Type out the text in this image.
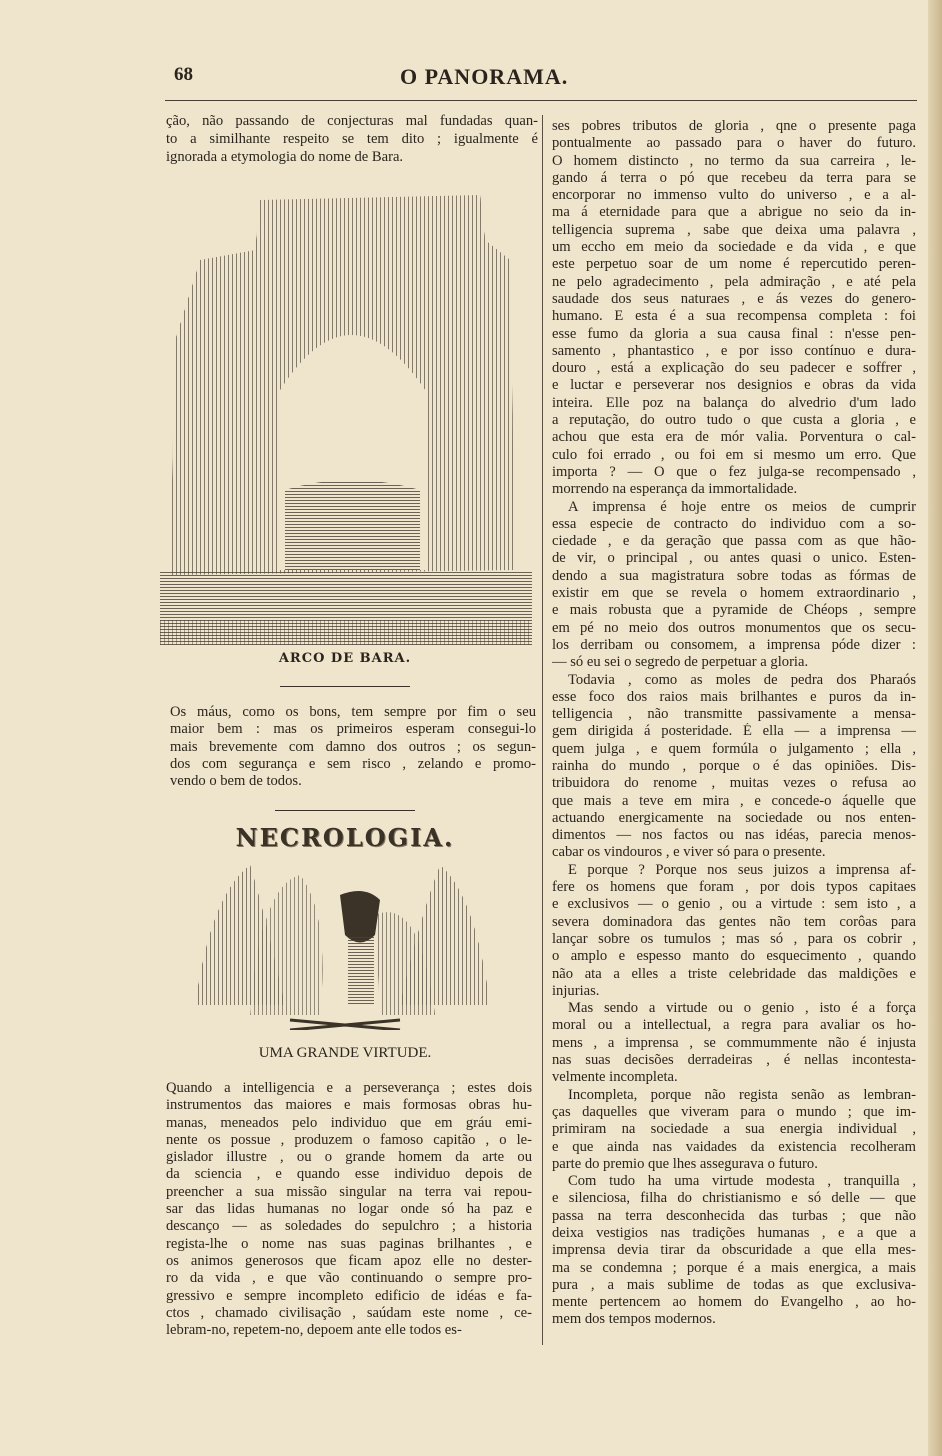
68	O PANORAMA.
ção, não passando de conjecturas mal fundadas quan-
to a similhante respeito se tem dito ; igualmente é
ignorada a etymologia do nome de Bara.
ARCO DE BARA.
Os máus, como os bons, tem sempre por fim o seu
maior bem : mas os primeiros esperam consegui-lo
mais brevemente com damno dos outros ; os segun-
dos com segurança e sem risco , zelando e promo-
vendo o bem de todos.
NECROLOGIA.
UMA GRANDE VIRTUDE.
Quando a intelligencia e a perseverança ; estes dois
instrumentos das maiores e mais formosas obras hu-
manas, meneados pelo individuo que em gráu emi-
nente os possue , produzem o famoso capitão , o le-
gislador illustre , ou o grande homem da arte ou
da sciencia , e quando esse individuo depois de
preencher a sua missão singular na terra vai repou-
sar das lidas humanas no logar onde só ha paz e
descanço — as soledades do sepulchro ; a historia
regista-lhe o nome nas suas paginas brilhantes , e
os animos generosos que ficam apoz elle no dester-
ro da vida , e que vão continuando o sempre pro-
gressivo e sempre incompleto edificio de idéas e fa-
ctos , chamado civilisação , saúdam este nome , ce-
lebram-no, repetem-no, depoem ante elle todos es-
ses pobres tributos de gloria , qne o presente paga
pontualmente ao passado para o haver do futuro.
O homem distincto , no termo da sua carreira , le-
gando á terra o pó que recebeu da terra para se
encorporar no immenso vulto do universo , e a al-
ma á eternidade para que a abrigue no seio da in-
telligencia suprema , sabe que deixa uma palavra ,
um eccho em meio da sociedade e da vida , e que
este perpetuo soar de um nome é repercutido peren-
ne pelo agradecimento , pela admiração , e até pela
saudade dos seus naturaes , e ás vezes do genero-
humano. E esta é a sua recompensa completa : foi
esse fumo da gloria a sua causa final : n'esse pen-
samento , phantastico , e por isso contínuo e dura-
douro , está a explicação do seu padecer e soffrer ,
e luctar e perseverar nos designios e obras da vida
inteira. Elle poz na balança do alvedrio d'um lado
a reputação, do outro tudo o que custa a gloria , e
achou que esta era de mór valia. Porventura o cal-
culo foi errado , ou foi em si mesmo um erro. Que
importa ? — O que o fez julga-se recompensado ,
morrendo na esperança da immortalidade.
A imprensa é hoje entre os meios de cumprir
essa especie de contracto do individuo com a so-
ciedade , e da geração que passa com as que hão-
de vir, o principal , ou antes quasi o unico. Esten-
dendo a sua magistratura sobre todas as fórmas de
existir em que se revela o homem extraordinario ,
e mais robusta que a pyramide de Chéops , sempre
em pé no meio dos outros monumentos que os secu-
los derribam ou consomem, a imprensa póde dizer :
— só eu sei o segredo de perpetuar a gloria.
Todavia , como as moles de pedra dos Pharaós
esse foco dos raios mais brilhantes e puros da in-
telligencia , não transmitte passivamente a mensa-
gem dirigida á posteridade. É ella — a imprensa —
quem julga , e quem formúla o julgamento ; ella ,
rainha do mundo , porque o é das opiniões. Dis-
tribuidora do renome , muitas vezes o refusa ao
que mais a teve em mira , e concede-o áquelle que
actuando energicamente na sociedade ou nos enten-
dimentos — nos factos ou nas idéas, parecia menos-
cabar os vindouros , e viver só para o presente.
E porque ? Porque nos seus juizos a imprensa af-
fere os homens que foram , por dois typos capitaes
e exclusivos — o genio , ou a virtude : sem isto , a
severa dominadora das gentes não tem corôas para
lançar sobre os tumulos ; mas só , para os cobrir ,
o amplo e espesso manto do esquecimento , quando
não ata a elles a triste celebridade das maldições e
injurias.
Mas sendo a virtude ou o genio , isto é a força
moral ou a intellectual, a regra para avaliar os ho-
mens , a imprensa , se commummente não é injusta
nas suas decisões derradeiras , é nellas incontesta-
velmente incompleta.
Incompleta, porque não regista senão as lembran-
ças daquelles que viveram para o mundo ; que im-
primiram na sociedade a sua energia individual ,
e que ainda nas vaidades da existencia recolheram
parte do premio que lhes assegurava o futuro.
Com tudo ha uma virtude modesta , tranquilla ,
e silenciosa, filha do christianismo e só delle — que
passa na terra desconhecida das turbas ; que não
deixa vestigios nas tradições humanas , e a que a
imprensa devia tirar da obscuridade a que ella mes-
ma se condemna ; porque é a mais energica, a mais
pura , a mais sublime de todas as que exclusiva-
mente pertencem ao homem do Evangelho , ao ho-
mem dos tempos modernos.
